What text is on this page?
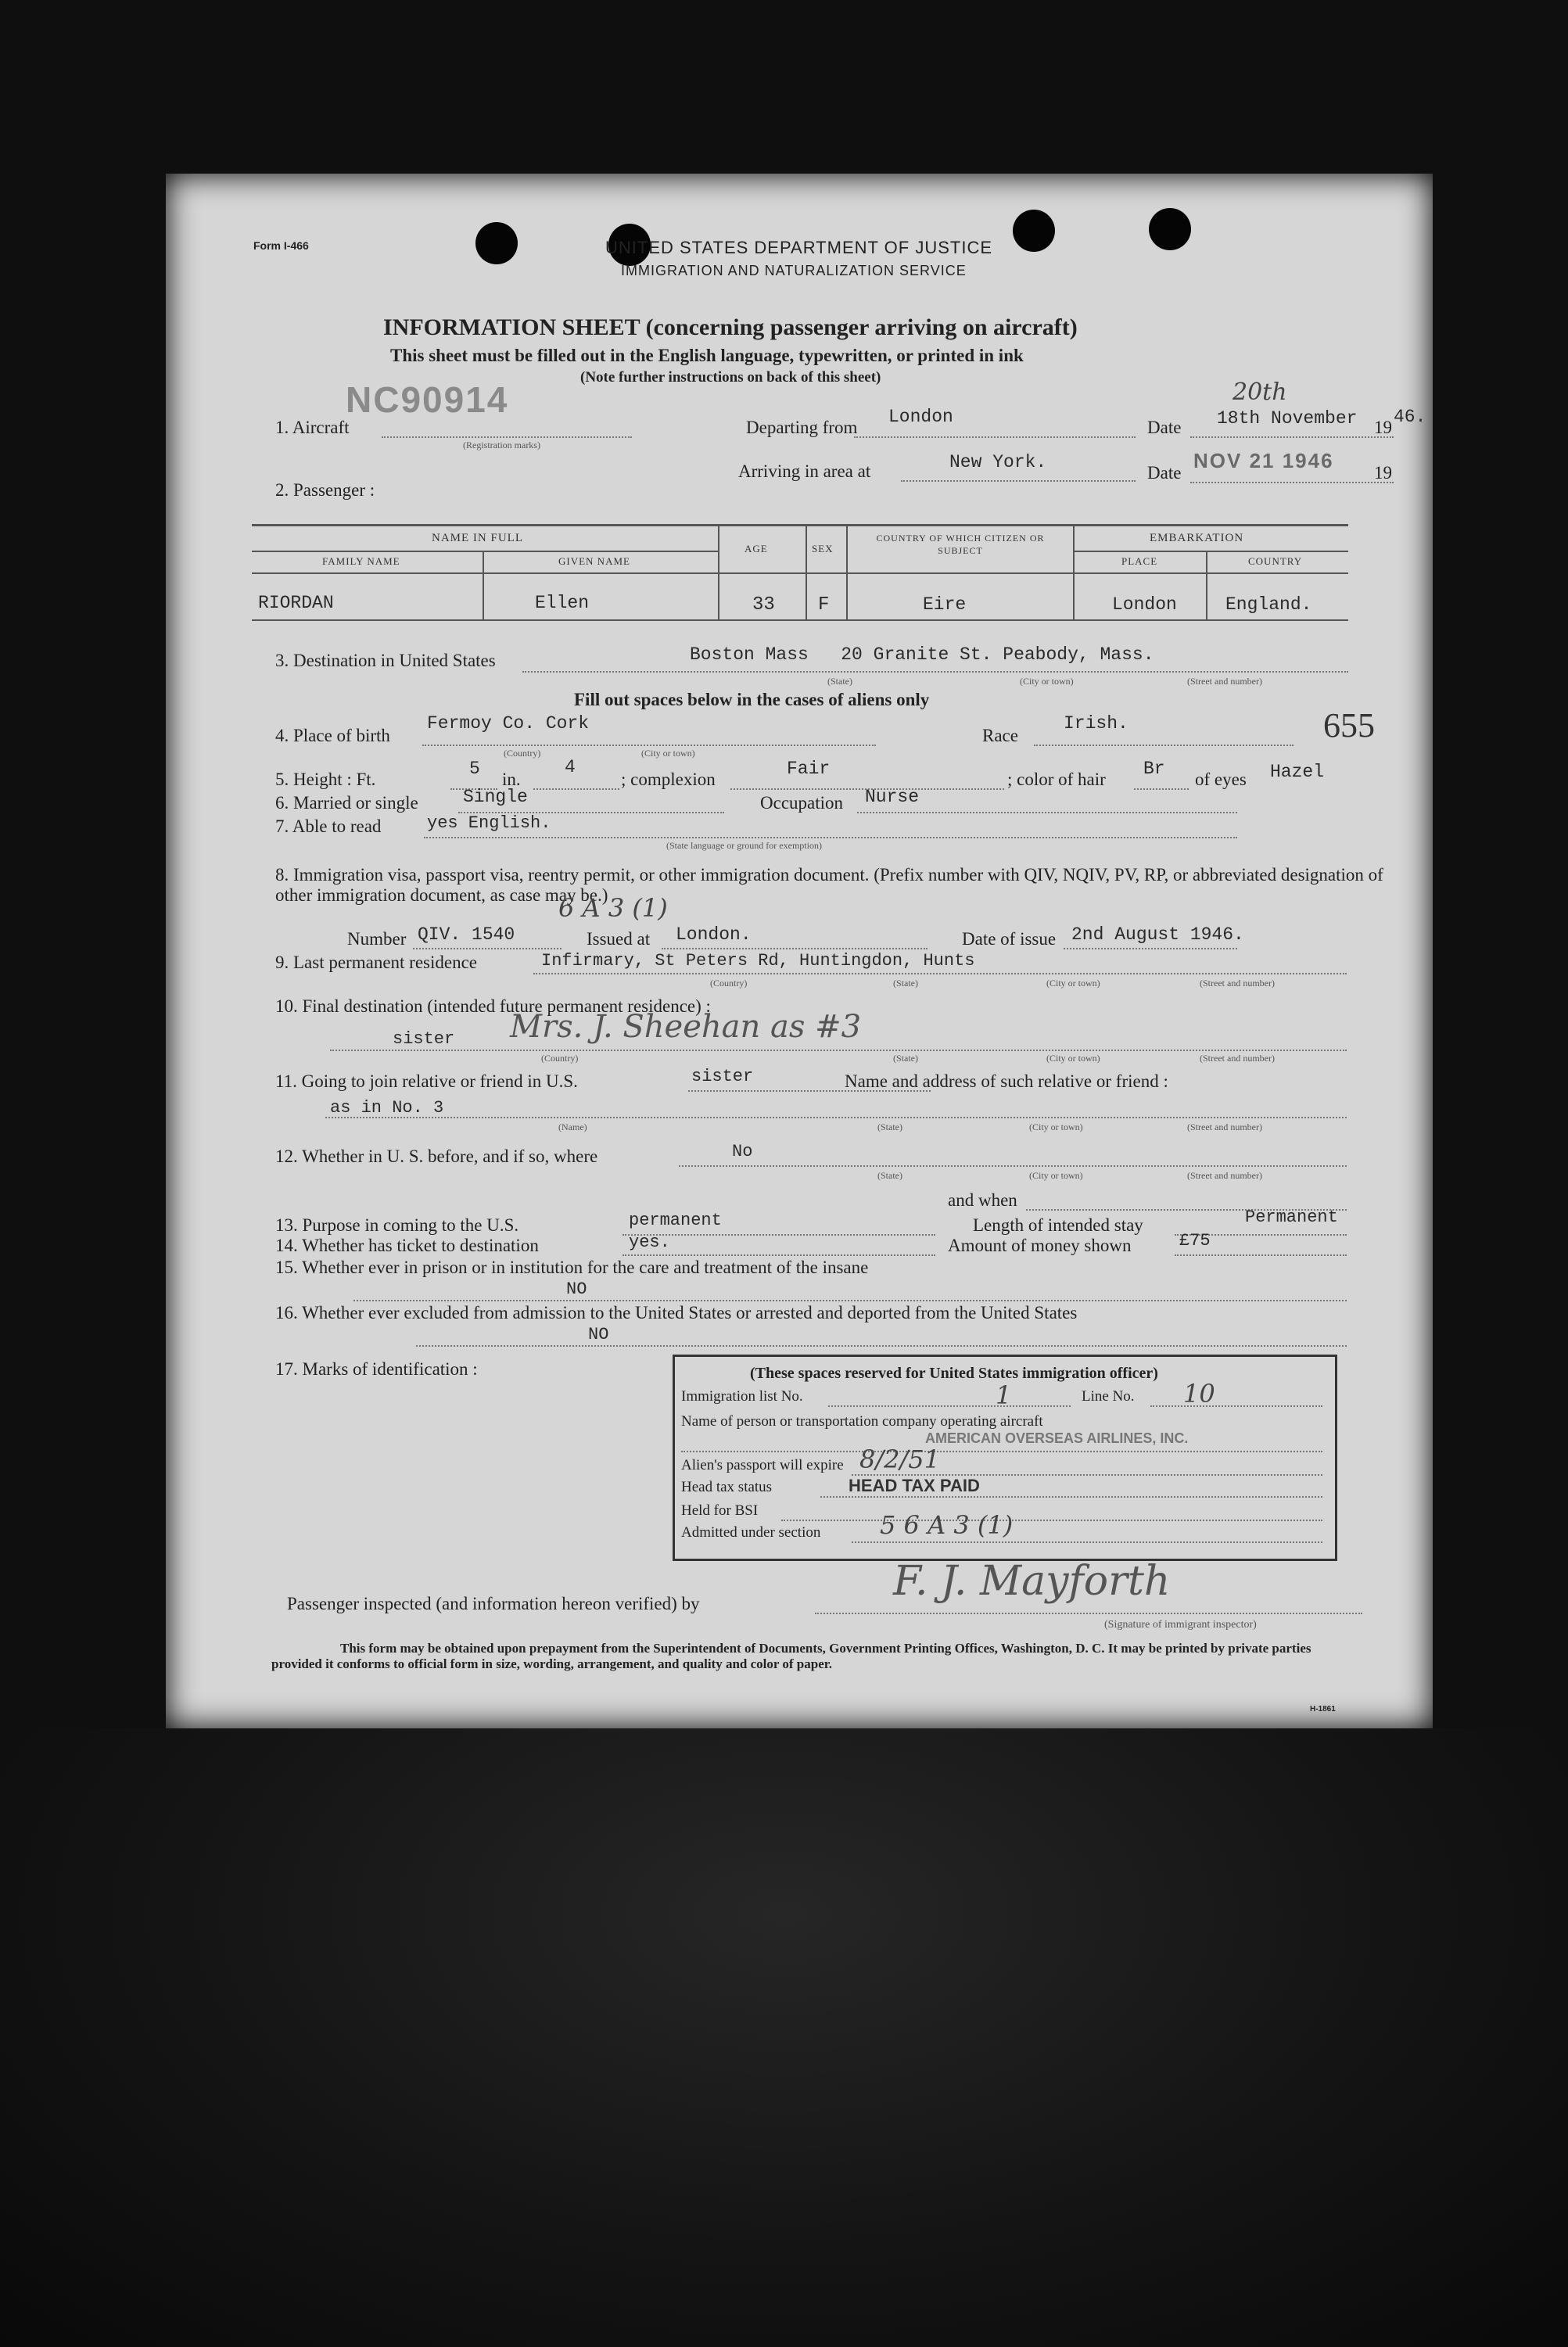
Form I-466	UNITED STATES DEPARTMENT OF JUSTICE
IMMIGRATION AND NATURALIZATION SERVICE
INFORMATION SHEET (concerning passenger arriving on aircraft)
This sheet must be filled out in the English language, typewritten, or printed in ink
(Note further instructions on back of this sheet)
NC90914
1. Aircraft
(Registration marks)
Departing from
London
Date
20th
18th November 19
46.
Arriving in area at	New York.
Date
NOV 21 1946
19
2. Passenger :
NAME IN FULL
FAMILY NAME	GIVEN NAME
AGE	SEX
COUNTRY OF WHICH CITIZEN OR SUBJECT
EMBARKATION
PLACE	COUNTRY
RIORDAN	Ellen	33 F	Eire	London	England.
3. Destination in United States	Boston Mass   20 Granite St. Peabody, Mass.
(State)	(City or town)	(Street and number)
Fill out spaces below in the cases of aliens only
655
4. Place of birth
Fermoy Co. Cork
(Country)	(City or town)
Race
Irish.
5. Height : Ft.
5
in.
4
; complexion
Fair
; color of hair
Br
of eyes Hazel
6. Married or single Single	Occupation Nurse
7. Able to read	yes English.
(State language or ground for exemption)
8. Immigration visa, passport visa, reentry permit, or other immigration document. (Prefix number with QIV, NQIV, PV, RP, or abbreviated designation of other immigration document, as case may be.)
Number
6 A 3 (1)
QIV. 1540	Issued at London.	Date of issue 2nd August 1946.
9. Last permanent residence	Infirmary, St Peters Rd, Huntingdon, Hunts
(Country)	(State)	(City or town)	(Street and number)
10. Final destination (intended future permanent residence) :
sister Mrs. J. Sheehan as #3
(Country)	(State)	(City or town)	(Street and number)
11. Going to join relative or friend in U.S.	sister	Name and address of such relative or friend :
as in No. 3
(Name)	(State)	(City or town)	(Street and number)
12. Whether in U. S. before, and if so, where	No
(State)	(City or town)	(Street and number)
and when
13. Purpose in coming to the U.S.	permanent	Length of intended stay	Permanent
14. Whether has ticket to destination	yes.	Amount of money shown	£75
15. Whether ever in prison or in institution for the care and treatment of the insane
NO
16. Whether ever excluded from admission to the United States or arrested and deported from the United States
NO
17. Marks of identification :	(These spaces reserved for United States immigration officer)
Immigration list No.	1	Line No. 10
Name of person or transportation company operating aircraft
AMERICAN OVERSEAS AIRLINES, INC.
Alien's passport will expire 8/2/51
Head tax status	HEAD TAX PAID
Held for BSI
Admitted under section 5 6 A 3 (1)
Passenger inspected (and information hereon verified) by	F. J. Mayforth
(Signature of immigrant inspector)
This form may be obtained upon prepayment from the Superintendent of Documents, Government Printing Offices, Washington, D. C. It may be printed by private parties provided it conforms to official form in size, wording, arrangement, and quality and color of paper.
H-1861
